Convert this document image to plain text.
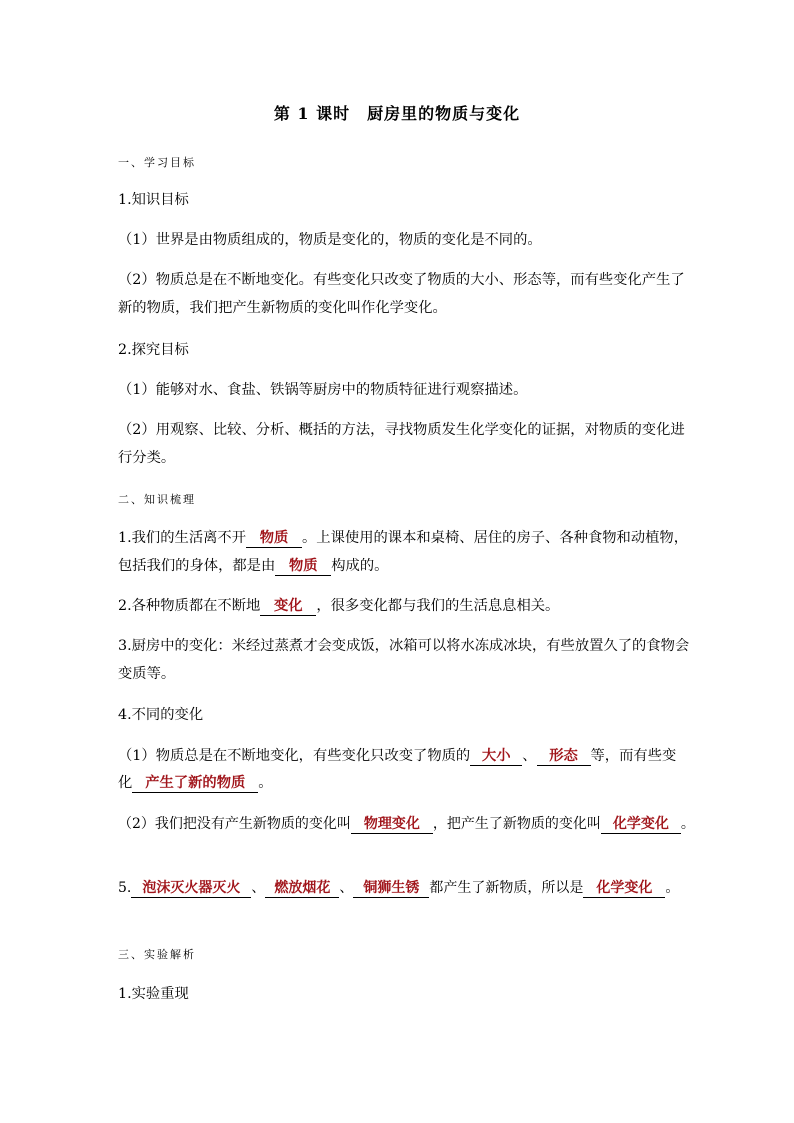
第 1 课时　厨房里的物质与变化
一、学习目标
1.知识目标
（1）世界是由物质组成的，物质是变化的，物质的变化是不同的。
（2）物质总是在不断地变化。有些变化只改变了物质的大小、形态等，而有些变化产生了
新的物质，我们把产生新物质的变化叫作化学变化。
2.探究目标
（1）能够对水、食盐、铁锅等厨房中的物质特征进行观察描述。
（2）用观察、比较、分析、概括的方法，寻找物质发生化学变化的证据，对物质的变化进
行分类。
二、知识梳理
1.我们的生活离不开 物质 。上课使用的课本和桌椅、居住的房子、各种食物和动植物，
包括我们的身体，都是由 物质 构成的。
2.各种物质都在不断地 变化 ，很多变化都与我们的生活息息相关。
3.厨房中的变化：米经过蒸煮才会变成饭，冰箱可以将水冻成冰块，有些放置久了的食物会
变质等。
4.不同的变化
（1）物质总是在不断地变化，有些变化只改变了物质的 大小 、 形态 等，而有些变
化 产生了新的物质 。
（2）我们把没有产生新物质的变化叫 物理变化 ，把产生了新物质的变化叫 化学变化 。
5. 泡沫灭火器灭火 、 燃放烟花 、 铜狮生锈 都产生了新物质，所以是 化学变化 。
三、实验解析
1.实验重现
